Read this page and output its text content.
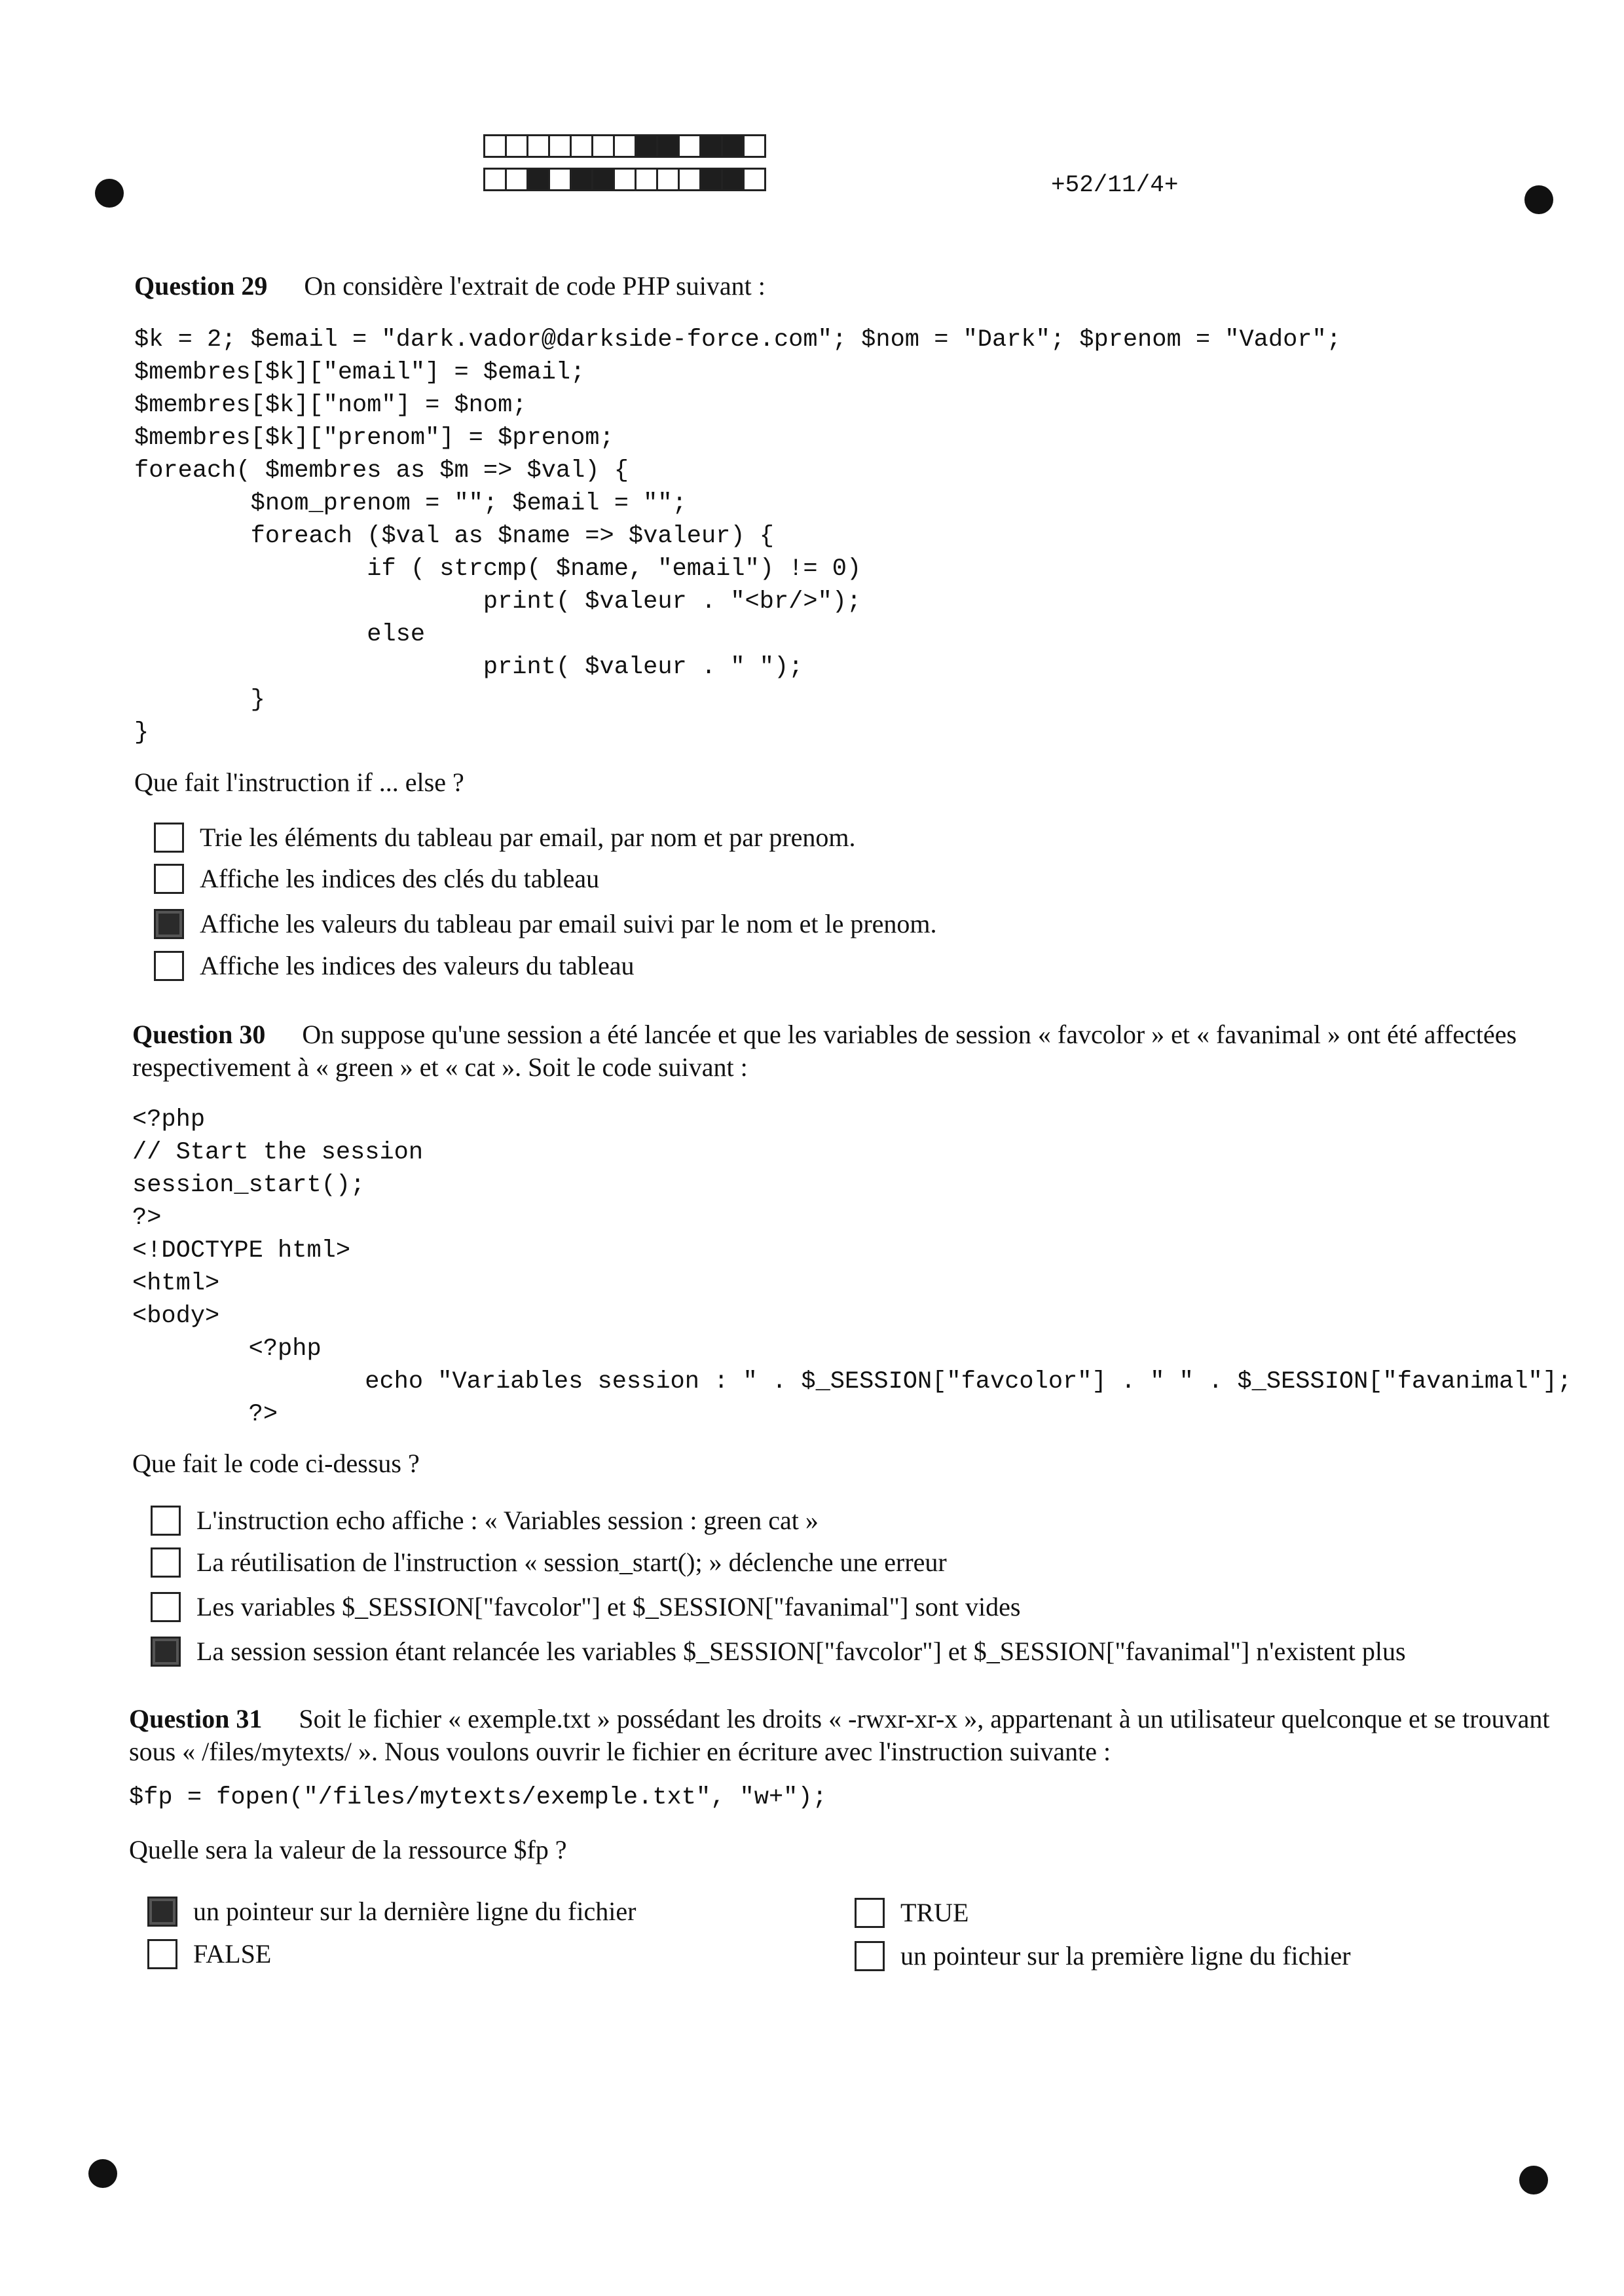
+52/11/4+
Question 29 On considère l'extrait de code PHP suivant :
$k = 2; $email = "dark.vador@darkside-force.com"; $nom = "Dark"; $prenom = "Vador";
$membres[$k]["email"] = $email;
$membres[$k]["nom"] = $nom;
$membres[$k]["prenom"] = $prenom;
foreach( $membres as $m => $val) {
$nom_prenom = ""; $email = "";
foreach ($val as $name => $valeur) {
if ( strcmp( $name, "email") != 0)
print( $valeur . "<br/>");
else
print( $valeur . " ");
}
}
Que fait l'instruction if ... else ?
Trie les éléments du tableau par email, par nom et par prenom.
Affiche les indices des clés du tableau
Affiche les valeurs du tableau par email suivi par le nom et le prenom.
Affiche les indices des valeurs du tableau
Question 30 On suppose qu'une session a été lancée et que les variables de session « favcolor » et « favanimal » ont été affectées respectivement à « green » et « cat ». Soit le code suivant :
<?php
// Start the session
session_start();
?>
<!DOCTYPE html>
<html>
<body>
<?php
echo "Variables session : " . $_SESSION["favcolor"] . " " . $_SESSION["favanimal"];
?>
Que fait le code ci-dessus ?
L'instruction echo affiche : « Variables session : green cat »
La réutilisation de l'instruction « session_start(); » déclenche une erreur
Les variables $_SESSION["favcolor"] et $_SESSION["favanimal"] sont vides
La session session étant relancée les variables $_SESSION["favcolor"] et $_SESSION["favanimal"] n'existent plus
Question 31 Soit le fichier « exemple.txt » possédant les droits « -rwxr-xr-x », appartenant à un utilisateur quelconque et se trouvant sous « /files/mytexts/ ». Nous voulons ouvrir le fichier en écriture avec l'instruction suivante :
$fp = fopen("/files/mytexts/exemple.txt", "w+");
Quelle sera la valeur de la ressource $fp ?
un pointeur sur la dernière ligne du fichier
FALSE
TRUE
un pointeur sur la première ligne du fichier
